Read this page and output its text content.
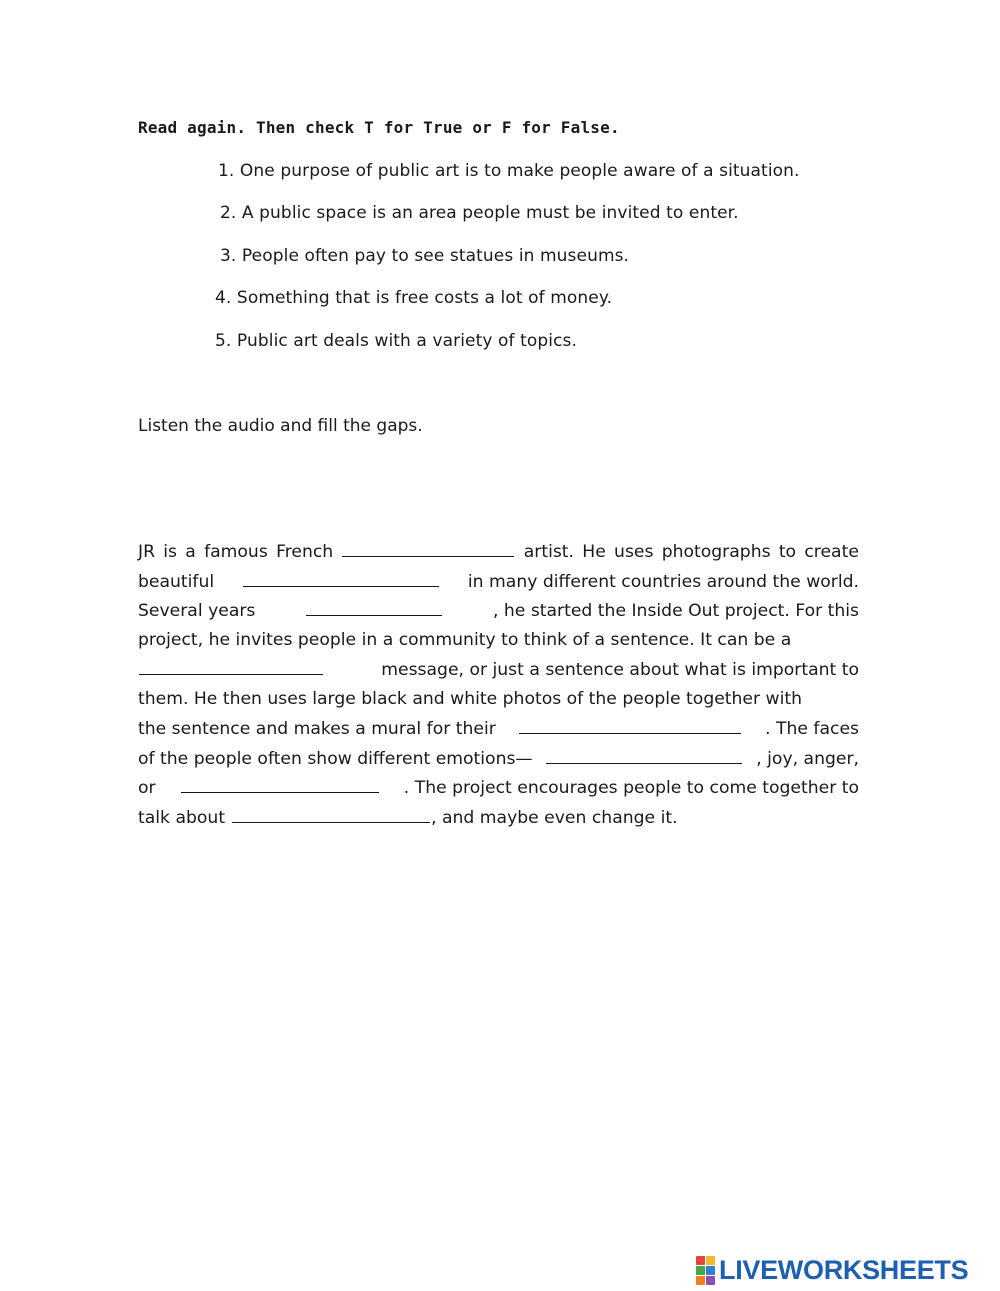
Read again. Then check T for True or F for False.
1. One purpose of public art is to make people aware of a situation.
2. A public space is an area people must be invited to enter.
3. People often pay to see statues in museums.
4. Something that is free costs a lot of money.
5. Public art deals with a variety of topics.
Listen the audio and fill the gaps.
JR is a famous French	artist. He uses photographs to create
beautiful	in many different countries around the world.
Several years	, he started the Inside Out project. For this
project, he invites people in a community to think of a sentence. It can be a
message, or just a sentence about what is important to
them. He then uses large black and white photos of the people together with
the sentence and makes a mural for their	. The faces
of the people often show different emotions—	, joy, anger,
or	. The project encourages people to come together to
talk about	, and maybe even change it.
LIVEWORKSHEETS
